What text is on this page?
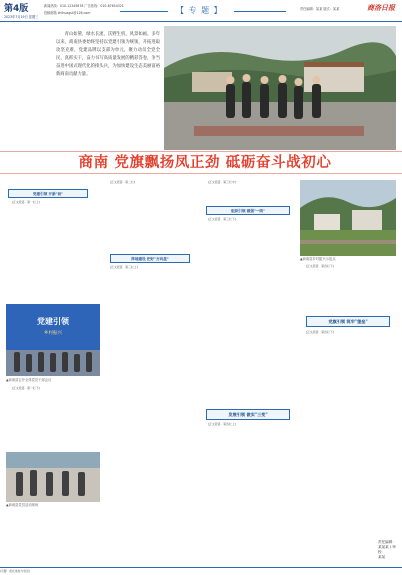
第4版	新闻热线：010-12345678 广告热线：010-87654321
2023年7月19日 星期三
投稿邮箱 zhihuagui@126.com	【 专 题 】	责任编辑：某某 版式：某某	商洛日报

青山如黛，绿水长流，沃野生机，风景如画。多年以来，商南县委始终坚持以党建引领为统领，开拓进取攻坚克难，党建品牌以支部为单元，聚力动员全党全民，真抓实干，奋力书写高质量发展的精彩答卷，争当奋进中国式现代化的排头兵，为加快建设生态美丽富裕新商南贡献力量。

商南 党旗飘扬凤正劲 砥砺奋斗战初心
党建引领 开新"局"

[正文段落 · 第一栏上]

党建引领
乡村振兴
▲商南县召开全体党员干部会议

[正文段落 · 第一栏下]

▲商南县党员活动现场

[正文段落 · 第二栏]

阵地建设 把好"方向盘"

[正文段落 · 第三栏上]

[正文段落 · 第三栏中]

组织引领 做强"一线"

[正文段落 · 第三栏下]

发展引领 做实"三变"

[正文段落 · 第四栏上]

▲商南县乡村振兴示范点

[正文段落 · 第四栏下]

党旗引领 筑牢"堡垒"

[正文段落 · 第四栏下]

责任编辑：
某某某 / 审校：
某某
[页脚 · 报社地址与电话]
